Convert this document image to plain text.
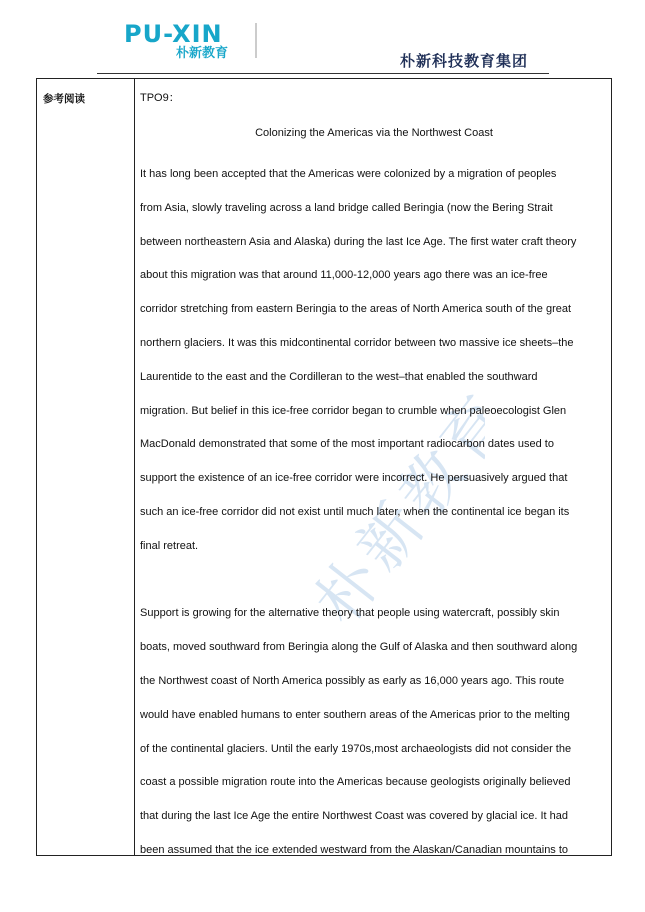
PU-XIN
朴新教育	朴新科技教育集团
朴新教育
参考阅读	TPO9：
Colonizing the Americas via the Northwest Coast
It has long been accepted that the Americas were colonized by a migration of peoples
from Asia, slowly traveling across a land bridge called Beringia (now the Bering Strait
between northeastern Asia and Alaska) during the last Ice Age. The first water craft theory
about this migration was that around 11,000-12,000 years ago there was an ice-free
corridor stretching from eastern Beringia to the areas of North America south of the great
northern glaciers. It was this midcontinental corridor between two massive ice sheets–the
Laurentide to the east and the Cordilleran to the west–that enabled the southward
migration. But belief in this ice-free corridor began to crumble when paleoecologist Glen
MacDonald demonstrated that some of the most important radiocarbon dates used to
support the existence of an ice-free corridor were incorrect. He persuasively argued that
such an ice-free corridor did not exist until much later, when the continental ice began its
final retreat.
Support is growing for the alternative theory that people using watercraft, possibly skin
boats, moved southward from Beringia along the Gulf of Alaska and then southward along
the Northwest coast of North America possibly as early as 16,000 years ago. This route
would have enabled humans to enter southern areas of the Americas prior to the melting
of the continental glaciers. Until the early 1970s,most archaeologists did not consider the
coast a possible migration route into the Americas because geologists originally believed
that during the last Ice Age the entire Northwest Coast was covered by glacial ice. It had
been assumed that the ice extended westward from the Alaskan/Canadian mountains to
